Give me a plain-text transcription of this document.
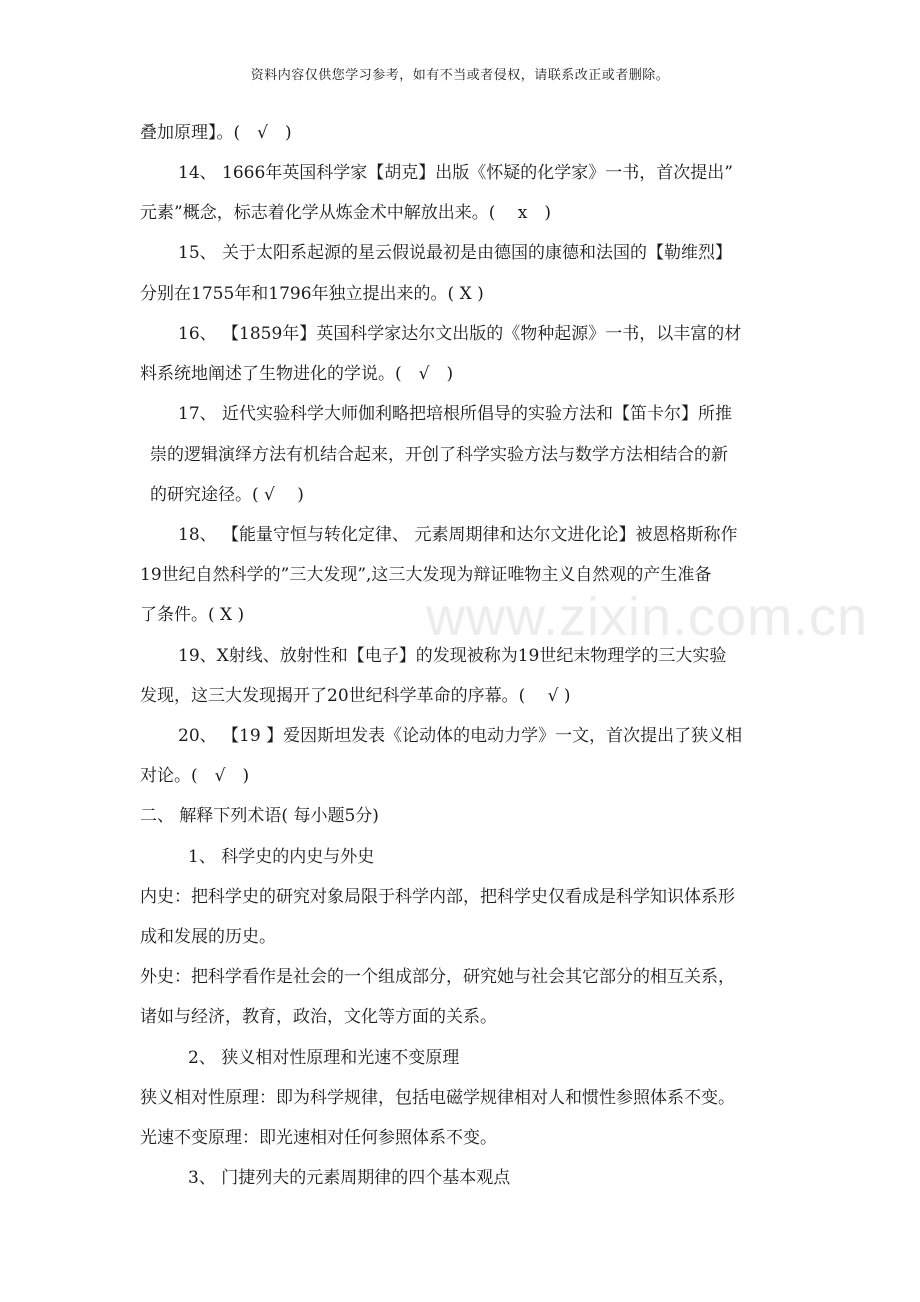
资料内容仅供您学习参考，如有不当或者侵权，请联系改正或者删除。
www.zixin.com.cn
叠加原理】。(　√　)
14、 1666年英国科学家【胡克】出版《怀疑的化学家》一书，首次提出”
元素”概念，标志着化学从炼金术中解放出来。(　 x　)
15、 关于太阳系起源的星云假说最初是由德国的康德和法国的【勒维烈】
分别在1755年和1796年独立提出来的。( X )
16、 【1859年】英国科学家达尔文出版的《物种起源》一书，以丰富的材
料系统地阐述了生物进化的学说。(　√　)
17、 近代实验科学大师伽利略把培根所倡导的实验方法和【笛卡尔】所推
崇的逻辑演绎方法有机结合起来，开创了科学实验方法与数学方法相结合的新
的研究途径。( √　 )
18、 【能量守恒与转化定律、 元素周期律和达尔文进化论】被恩格斯称作
19世纪自然科学的”三大发现”,这三大发现为辩证唯物主义自然观的产生准备
了条件。( X )
19、X射线、放射性和【电子】的发现被称为19世纪末物理学的三大实验
发现，这三大发现揭开了20世纪科学革命的序幕。(　 √ )
20、 【19 】爱因斯坦发表《论动体的电动力学》一文，首次提出了狭义相
对论。(　√　)
二、 解释下列术语( 每小题5分)
1、 科学史的内史与外史
内史：把科学史的研究对象局限于科学内部，把科学史仅看成是科学知识体系形
成和发展的历史。
外史：把科学看作是社会的一个组成部分，研究她与社会其它部分的相互关系，
诸如与经济，教育，政治，文化等方面的关系。
2、 狭义相对性原理和光速不变原理
狭义相对性原理：即为科学规律，包括电磁学规律相对人和惯性参照体系不变。
光速不变原理：即光速相对任何参照体系不变。
3、 门捷列夫的元素周期律的四个基本观点
